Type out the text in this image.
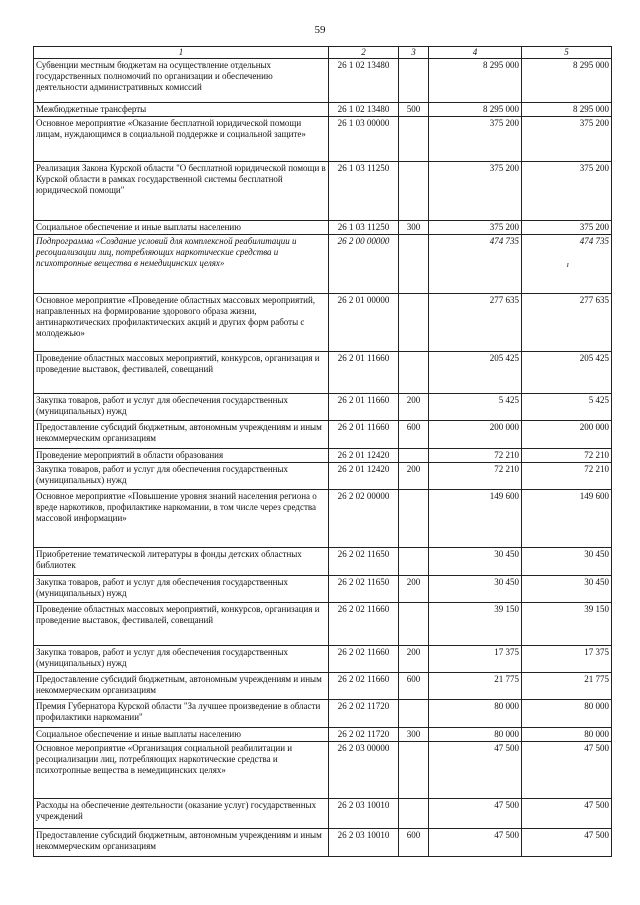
59
1	2	3	4	5
Субвенции местным бюджетам на осуществление отдельных государственных полномочий по организации и обеспечению деятельности административных комиссий	26 1 02 13480		8 295 000	8 295 000
Межбюджетные трансферты	26 1 02 13480	500	8 295 000	8 295 000
Основное мероприятие «Оказание бесплатной юридической помощи лицам, нуждающимся в социальной поддержке и социальной защите»	26 1 03 00000		375 200	375 200
Реализация Закона Курской области "О бесплатной юридической помощи в Курской области в рамках государственной системы бесплатной юридической помощи"	26 1 03 11250		375 200	375 200
Социальное обеспечение и иные выплаты населению	26 1 03 11250	300	375 200	375 200
Подпрограмма «Создание условий для комплексной реабилитации и ресоциализации лиц, потребляющих наркотические средства и психотропные вещества в немедицинских целях»	26 2 00 00000		474 735	474 735
ı

Основное мероприятие «Проведение областных массовых мероприятий, направленных на формирование здорового образа жизни, антинаркотических профилактических акций и других форм работы с молодежью»	26 2 01 00000		277 635	277 635
Проведение областных массовых мероприятий, конкурсов, организация и проведение выставок, фестивалей, совещаний	26 2 01 11660		205 425	205 425
Закупка товаров, работ и услуг для обеспечения государственных (муниципальных) нужд	26 2 01 11660	200	5 425	5 425
Предоставление субсидий бюджетным, автономным учреждениям и иным некоммерческим организациям	26 2 01 11660	600	200 000	200 000
Проведение мероприятий в области образования	26 2 01 12420		72 210	72 210
Закупка товаров, работ и услуг для обеспечения государственных (муниципальных) нужд	26 2 01 12420	200	72 210	72 210
Основное мероприятие «Повышение уровня знаний населения региона о вреде наркотиков, профилактике наркомании, в том числе через средства массовой информации»	26 2 02 00000		149 600	149 600
Приобретение тематической литературы в фонды детских областных библиотек	26 2 02 11650		30 450	30 450
Закупка товаров, работ и услуг для обеспечения государственных (муниципальных) нужд	26 2 02 11650	200	30 450	30 450
Проведение областных массовых мероприятий, конкурсов, организация и проведение выставок, фестивалей, совещаний	26 2 02 11660		39 150	39 150
Закупка товаров, работ и услуг для обеспечения государственных (муниципальных) нужд	26 2 02 11660	200	17 375	17 375
Предоставление субсидий бюджетным, автономным учреждениям и иным некоммерческим организациям	26 2 02 11660	600	21 775	21 775
Премия Губернатора Курской области "За лучшее произведение в области профилактики наркомании"	26 2 02 11720		80 000	80 000
Социальное обеспечение и иные выплаты населению	26 2 02 11720	300	80 000	80 000
Основное мероприятие «Организация социальной реабилитации и ресоциализации лиц, потребляющих наркотические средства и психотропные вещества в немедицинских целях»	26 2 03 00000		47 500	47 500
Расходы на обеспечение деятельности (оказание услуг) государственных учреждений	26 2 03 10010		47 500	47 500
Предоставление субсидий бюджетным, автономным учреждениям и иным некоммерческим организациям	26 2 03 10010	600	47 500	47 500
